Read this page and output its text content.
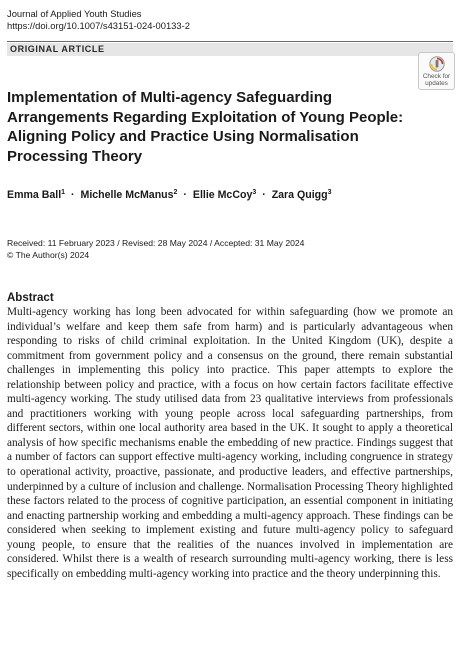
Journal of Applied Youth Studies
https://doi.org/10.1007/s43151-024-00133-2
ORIGINAL ARTICLE
Check for
updates
Implementation of Multi-agency Safeguarding Arrangements Regarding Exploitation of Young People: Aligning Policy and Practice Using Normalisation Processing Theory
Emma Ball$^1$ · Michelle McManus$^2$ · Ellie McCoy$^3$ · Zara Quigg$^3$
Received: 11 February 2023 / Revised: 28 May 2024 / Accepted: 31 May 2024
© The Author(s) 2024
Abstract

Multi-agency working has long been advocated for within safeguarding (how we promote an individual’s welfare and keep them safe from harm) and is particularly advantageous when responding to risks of child criminal exploitation. In the United Kingdom (UK), despite a commitment from government policy and a consensus on the ground, there remain substantial challenges in implementing this policy into practice. This paper attempts to explore the relationship between policy and practice, with a focus on how certain factors facilitate effective multi-agency working. The study utilised data from 23 qualitative interviews from professionals and practitioners working with young people across local safeguarding partnerships, from different sectors, within one local authority area based in the UK. It sought to apply a theoretical analysis of how specific mechanisms enable the embedding of new practice. Findings suggest that a number of factors can support effective multi-agency working, including congruence in strategy to operational activity, proactive, passionate, and productive leaders, and effective partnerships, underpinned by a culture of inclusion and challenge. Normalisation Processing Theory highlighted these factors related to the process of cognitive participation, an essential component in initiating and enacting partnership working and embedding a multi-agency approach. These findings can be considered when seeking to implement existing and future multi-agency policy to safeguard young people, to ensure that the realities of the nuances involved in implementation are considered. Whilst there is a wealth of research surrounding multi-agency working, there is less specifically on embedding multi-agency working into practice and the theory underpinning this.
